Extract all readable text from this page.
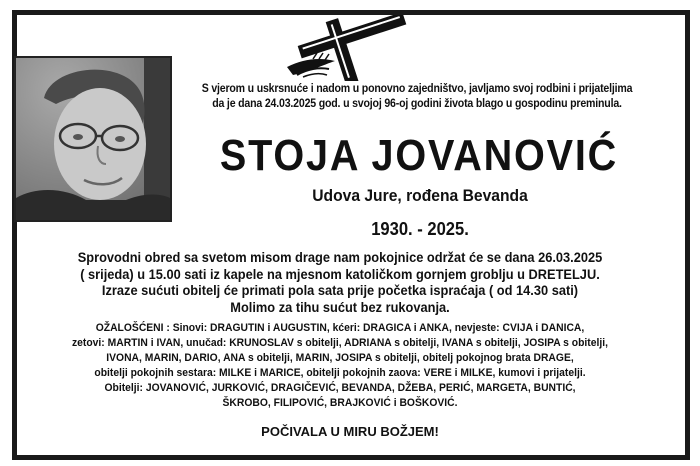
S vjerom u uskrsnuće i nadom u ponovno zajedništvo, javljamo svoj rodbini i prijateljima
da je dana 24.03.2025 god. u svojoj 96-oj godini života blago u gospodinu preminula.
STOJA JOVANOVIĆ
Udova Jure, rođena Bevanda
1930. - 2025.
Sprovodni obred sa svetom misom drage nam pokojnice održat će se dana 26.03.2025
( srijeda) u 15.00 sati iz kapele na mjesnom katoličkom gornjem groblju u DRETELJU.
Izraze sućuti obitelj će primati pola sata prije početka ispraćaja ( od 14.30 sati)
Molimo za tihu sućut bez rukovanja.
OŽALOŠĆENI : Sinovi: DRAGUTIN i AUGUSTIN, kćeri: DRAGICA i ANKA, nevjeste: CVIJA i DANICA,
zetovi: MARTIN i IVAN, unučad: KRUNOSLAV s obitelji, ADRIANA s obitelji, IVANA s obitelji, JOSIPA s obitelji,
IVONA, MARIN, DARIO, ANA s obitelji, MARIN, JOSIPA s obitelji, obitelj pokojnog brata DRAGE,
obitelji pokojnih sestara: MILKE i MARICE, obitelji pokojnih zaova: VERE i MILKE, kumovi i prijatelji.
Obitelji: JOVANOVIĆ, JURKOVIĆ, DRAGIČEVIĆ, BEVANDA, DŽEBA, PERIĆ, MARGETA, BUNTIĆ,
ŠKROBO, FILIPOVIĆ, BRAJKOVIĆ i BOŠKOVIĆ.
POČIVALA U MIRU BOŽJEM!
